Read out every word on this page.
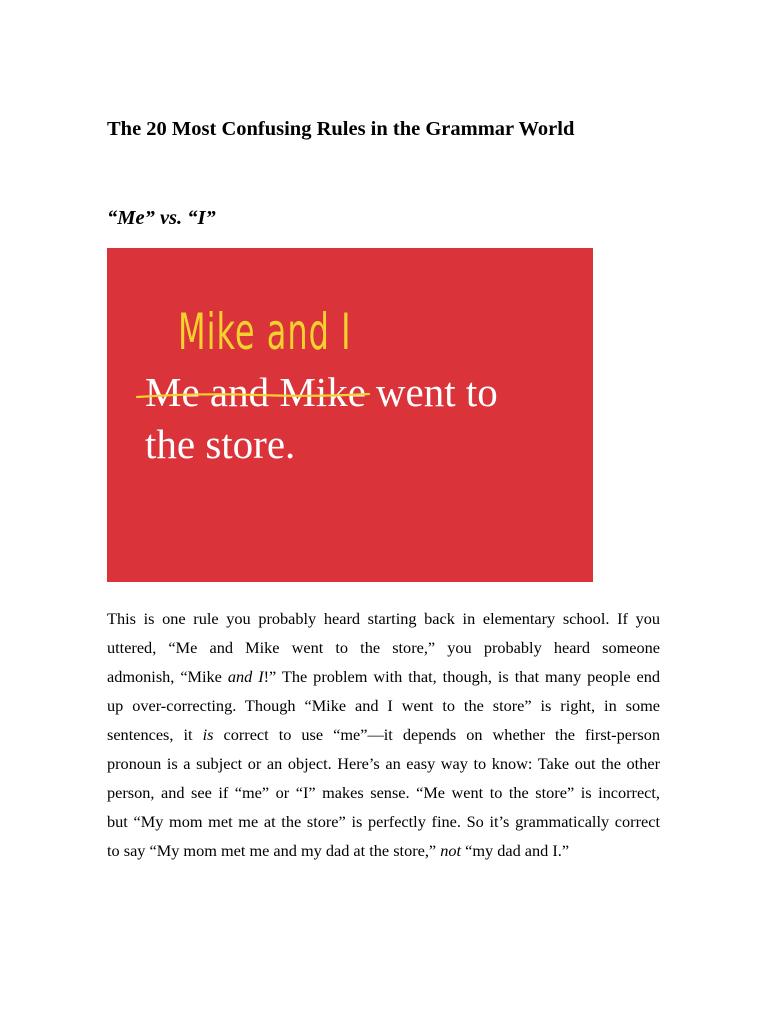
The 20 Most Confusing Rules in the Grammar World
“Me” vs. “I”
Mike and I
Me and Mike went to
the store.
This is one rule you probably heard starting back in elementary school. If you
uttered, “Me and Mike went to the store,” you probably heard someone
admonish, “Mike and I!” The problem with that, though, is that many people end
up over-correcting. Though “Mike and I went to the store” is right, in some
sentences, it is correct to use “me”—it depends on whether the first-person
pronoun is a subject or an object. Here’s an easy way to know: Take out the other
person, and see if “me” or “I” makes sense. “Me went to the store” is incorrect,
but “My mom met me at the store” is perfectly fine. So it’s grammatically correct
to say “My mom met me and my dad at the store,” not “my dad and I.”
